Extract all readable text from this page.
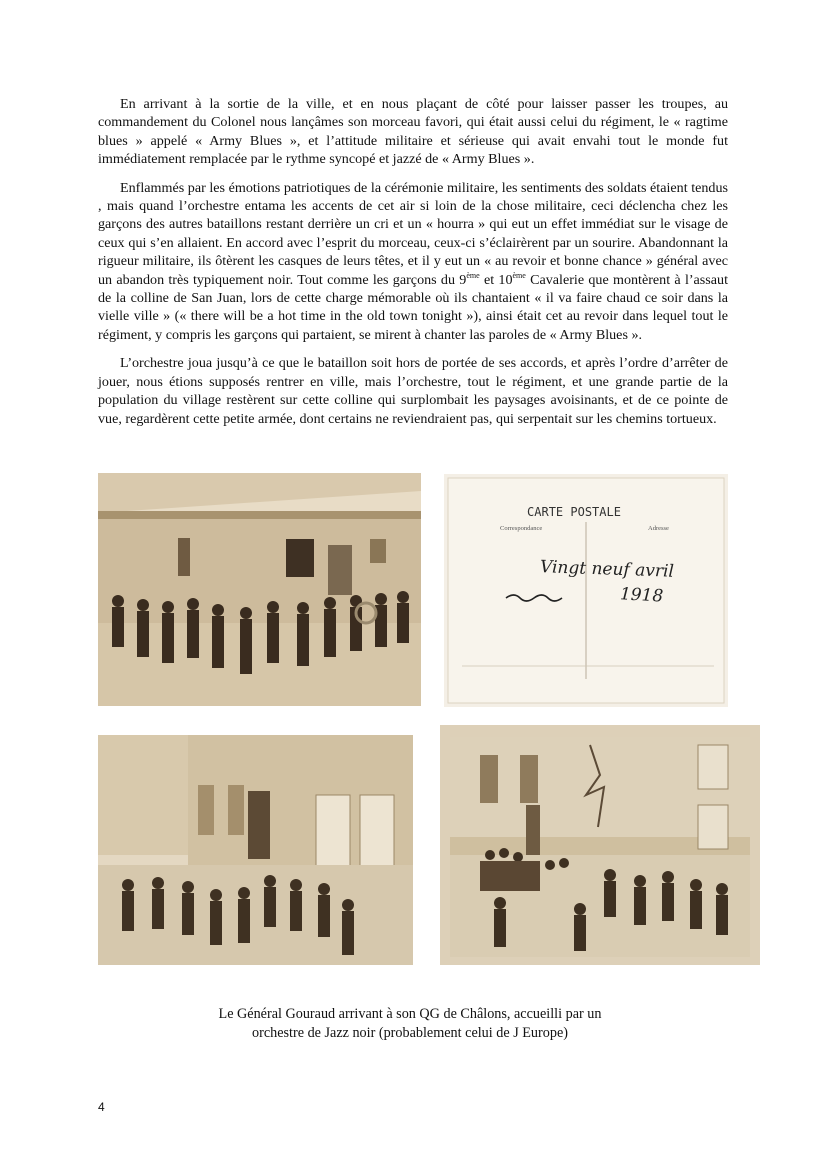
En arrivant à la sortie de la ville, et en nous plaçant de côté pour laisser passer les troupes, au commandement du Colonel nous lançâmes son morceau favori, qui était aussi celui du régiment, le « ragtime blues » appelé « Army Blues », et l’attitude militaire et sérieuse qui avait envahi tout le monde fut immédiatement remplacée par le rythme syncopé et jazzé de « Army Blues ».

Enflammés par les émotions patriotiques de la cérémonie militaire, les sentiments des soldats étaient tendus , mais quand l’orchestre entama les accents de cet air si loin de la chose militaire, ceci déclencha chez les garçons des autres bataillons restant derrière un cri et un « hourra » qui eut un effet immédiat sur le visage de ceux qui s’en allaient. En accord avec l’esprit du morceau, ceux-ci s’éclairèrent par un sourire. Abandonnant la rigueur militaire, ils ôtèrent les casques de leurs têtes, et il y eut un « au revoir et bonne chance » général avec un abandon très typiquement noir. Tout comme les garçons du 9ème et 10ème Cavalerie que montèrent à l’assaut de la colline de San Juan, lors de cette charge mémorable où ils chantaient « il va faire chaud ce soir dans la vielle ville » (« there will be a hot time in the old town tonight »), ainsi était cet au revoir dans lequel tout le régiment, y compris les garçons qui partaient, se mirent à chanter las paroles de « Army Blues ».

L’orchestre joua jusqu’à ce que le bataillon soit hors de portée de ses accords, et après l’ordre d’arrêter de jouer, nous étions supposés rentrer en ville, mais l’orchestre, tout le régiment, et une grande partie de la population du village restèrent sur cette colline qui surplombait les paysages avoisinants, et de ce pointe de vue, regardèrent cette petite armée, dont certains ne reviendraient pas, qui serpentait sur les chemins tortueux.

CARTE POSTALE
Correspondance	Adresse
Vingt neuf avril
1918
Le Général Gouraud arrivant à son QG de Châlons, accueilli par un
orchestre de Jazz noir (probablement celui de J Europe)
4
